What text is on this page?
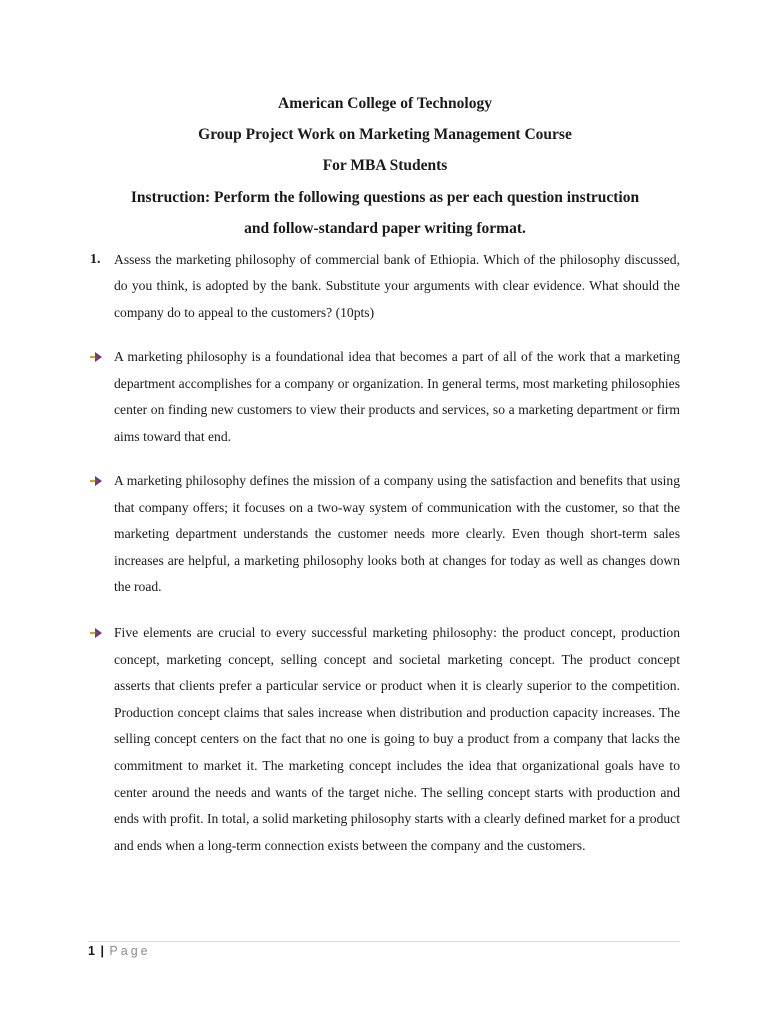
American College of Technology
Group Project Work on Marketing Management Course
For MBA Students
Instruction: Perform the following questions as per each question instruction
and follow-standard paper writing format.
1. Assess the marketing philosophy of commercial bank of Ethiopia. Which of the philosophy discussed, do you think, is adopted by the bank. Substitute your arguments with clear evidence. What should the company do to appeal to the customers? (10pts)
A marketing philosophy is a foundational idea that becomes a part of all of the work that a marketing department accomplishes for a company or organization. In general terms, most marketing philosophies center on finding new customers to view their products and services, so a marketing department or firm aims toward that end.
A marketing philosophy defines the mission of a company using the satisfaction and benefits that using that company offers; it focuses on a two-way system of communication with the customer, so that the marketing department understands the customer needs more clearly. Even though short-term sales increases are helpful, a marketing philosophy looks both at changes for today as well as changes down the road.
Five elements are crucial to every successful marketing philosophy: the product concept, production concept, marketing concept, selling concept and societal marketing concept. The product concept asserts that clients prefer a particular service or product when it is clearly superior to the competition. Production concept claims that sales increase when distribution and production capacity increases. The selling concept centers on the fact that no one is going to buy a product from a company that lacks the commitment to market it. The marketing concept includes the idea that organizational goals have to center around the needs and wants of the target niche. The selling concept starts with production and ends with profit. In total, a solid marketing philosophy starts with a clearly defined market for a product and ends when a long-term connection exists between the company and the customers.
1 | Page
